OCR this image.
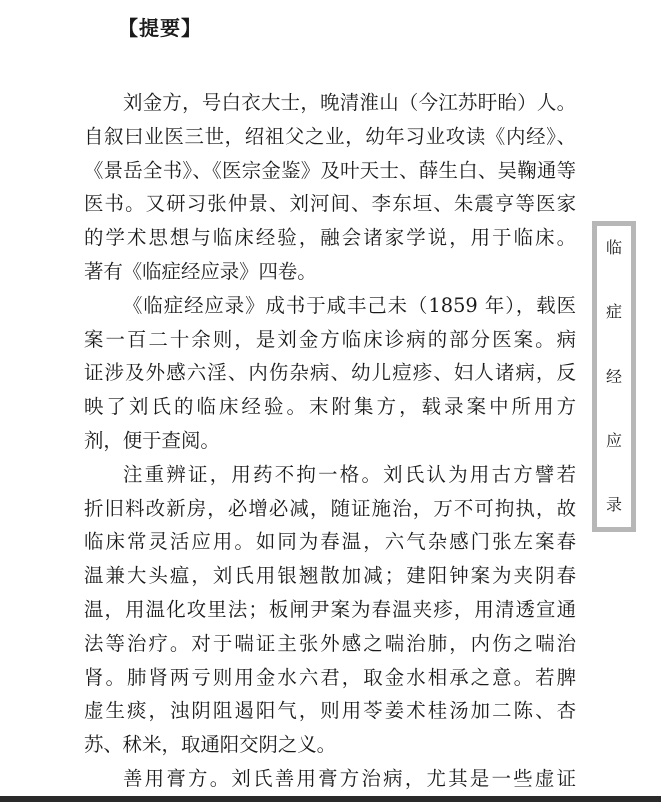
【提要】
刘金方，号白衣大士，晚清淮山（今江苏盱眙）人。
自叙曰业医三世，绍祖父之业，幼年习业攻读《内经》、
《景岳全书》、《医宗金鉴》及叶天士、薛生白、吴鞠通等
医书。又研习张仲景、刘河间、李东垣、朱震亨等医家
的学术思想与临床经验，融会诸家学说，用于临床。
著有《临症经应录》四卷。
《临症经应录》成书于咸丰己未（1859 年），载医
案一百二十余则，是刘金方临床诊病的部分医案。病
证涉及外感六淫、内伤杂病、幼儿痘疹、妇人诸病，反
映了刘氏的临床经验。末附集方，载录案中所用方
剂，便于查阅。
注重辨证，用药不拘一格。刘氏认为用古方譬若
折旧料改新房，必增必减，随证施治，万不可拘执，故
临床常灵活应用。如同为春温，六气杂感门张左案春
温兼大头瘟，刘氏用银翘散加减；建阳钟案为夹阴春
温，用温化攻里法；板闸尹案为春温夹疹，用清透宣通
法等治疗。对于喘证主张外感之喘治肺，内伤之喘治
肾。肺肾两亏则用金水六君，取金水相承之意。若脾
虚生痰，浊阴阻遏阳气，则用苓姜术桂汤加二陈、杏
苏、秫米，取通阳交阴之义。
善用膏方。刘氏善用膏方治病，尤其是一些虚证
临
症
经
应
录
